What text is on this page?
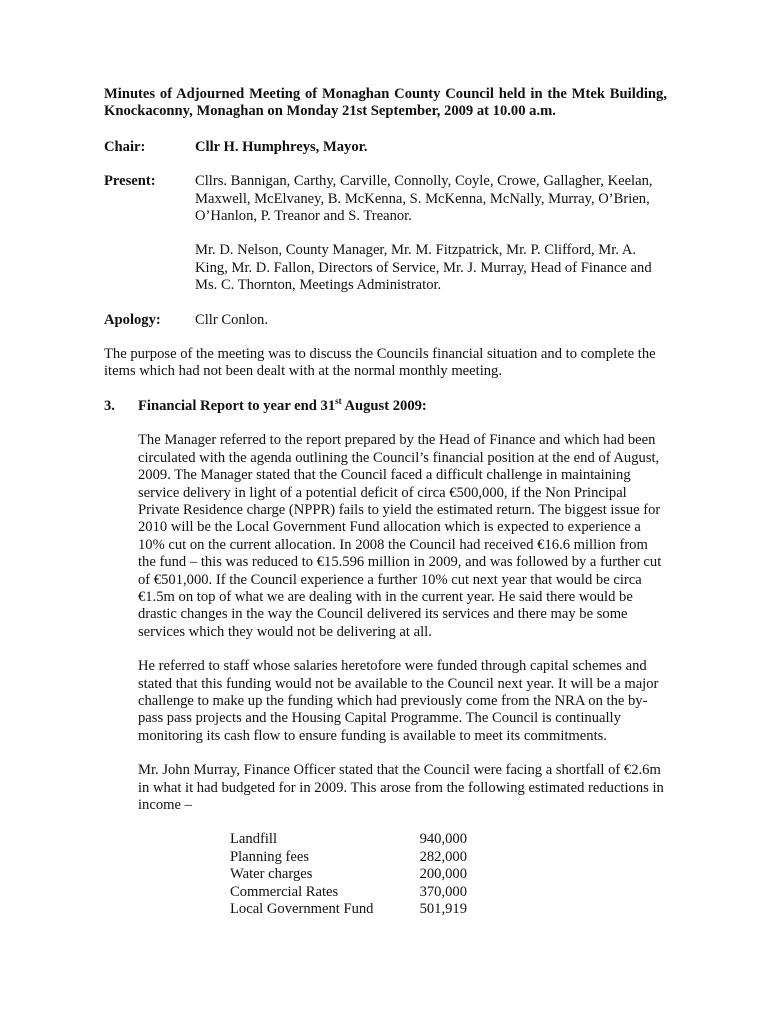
Minutes of Adjourned Meeting of Monaghan County Council held in the Mtek Building, Knockaconny, Monaghan on Monday 21st September, 2009 at 10.00 a.m.

Chair:	Cllr H. Humphreys, Mayor.
Present:	Cllrs. Bannigan, Carthy, Carville, Connolly, Coyle, Crowe, Gallagher, Keelan, Maxwell, McElvaney, B. McKenna, S. McKenna, McNally, Murray, O’Brien, O’Hanlon, P. Treanor and S. Treanor.

Mr. D. Nelson, County Manager, Mr. M. Fitzpatrick, Mr. P. Clifford, Mr. A. King, Mr. D. Fallon, Directors of Service, Mr. J. Murray, Head of Finance and Ms. C. Thornton, Meetings Administrator.

Apology:	Cllr Conlon.

The purpose of the meeting was to discuss the Councils financial situation and to complete the items which had not been dealt with at the normal monthly meeting.

3.	Financial Report to year end 31st August 2009:

The Manager referred to the report prepared by the Head of Finance and which had been circulated with the agenda outlining the Council’s financial position at the end of August, 2009. The Manager stated that the Council faced a difficult challenge in maintaining service delivery in light of a potential deficit of circa €500,000, if the Non Principal Private Residence charge (NPPR) fails to yield the estimated return. The biggest issue for 2010 will be the Local Government Fund allocation which is expected to experience a 10% cut on the current allocation. In 2008 the Council had received €16.6 million from the fund – this was reduced to €15.596 million in 2009, and was followed by a further cut of €501,000. If the Council experience a further 10% cut next year that would be circa €1.5m on top of what we are dealing with in the current year. He said there would be drastic changes in the way the Council delivered its services and there may be some services which they would not be delivering at all.

He referred to staff whose salaries heretofore were funded through capital schemes and stated that this funding would not be available to the Council next year. It will be a major challenge to make up the funding which had previously come from the NRA on the by-pass pass projects and the Housing Capital Programme. The Council is continually monitoring its cash flow to ensure funding is available to meet its commitments.

Mr. John Murray, Finance Officer stated that the Council were facing a shortfall of €2.6m in what it had budgeted for in 2009. This arose from the following estimated reductions in income –

Landfill	940,000
Planning fees	282,000
Water charges	200,000
Commercial Rates	370,000
Local Government Fund	501,919
